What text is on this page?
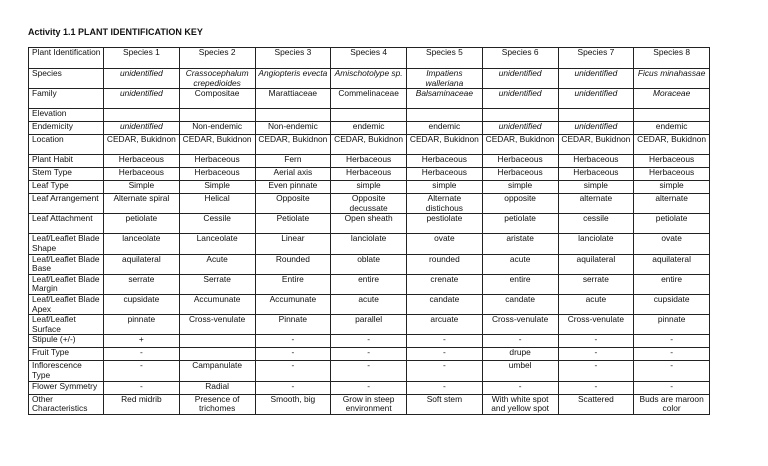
Activity 1.1 PLANT IDENTIFICATION KEY
Plant Identification	Species 1	Species 2	Species 3	Species 4	Species 5	Species 6	Species 7	Species 8
Species	unidentified	Crassocephalum crepedioides	Angiopteris evecta	Amischotolype sp.	Impatiens walleriana	unidentified	unidentified	Ficus minahassae
Family	unidentified	Compositae	Marattiaceae	Commelinaceae	Balsaminaceae	unidentified	unidentified	Moraceae
Elevation								
Endemicity	unidentified	Non-endemic	Non-endemic	endemic	endemic	unidentified	unidentified	endemic
Location	CEDAR, Bukidnon	CEDAR, Bukidnon	CEDAR, Bukidnon	CEDAR, Bukidnon	CEDAR, Bukidnon	CEDAR, Bukidnon	CEDAR, Bukidnon	CEDAR, Bukidnon
Plant Habit	Herbaceous	Herbaceous	Fern	Herbaceous	Herbaceous	Herbaceous	Herbaceous	Herbaceous
Stem Type	Herbaceous	Herbaceous	Aerial axis	Herbaceous	Herbaceous	Herbaceous	Herbaceous	Herbaceous
Leaf Type	Simple	Simple	Even pinnate	simple	simple	simple	simple	simple
Leaf Arrangement	Alternate spiral	Helical	Opposite	Opposite decussate	Alternate distichous	opposite	alternate	alternate
Leaf Attachment	petiolate	Cessile	Petiolate	Open sheath	pestiolate	petiolate	cessile	petiolate
Leaf/Leaflet Blade Shape	lanceolate	Lanceolate	Linear	lanciolate	ovate	aristate	lanciolate	ovate
Leaf/Leaflet Blade Base	aquilateral	Acute	Rounded	oblate	rounded	acute	aquilateral	aquilateral
Leaf/Leaflet Blade Margin	serrate	Serrate	Entire	entire	crenate	entire	serrate	entire
Leaf/Leaflet Blade Apex	cupsidate	Accumunate	Accumunate	acute	candate	candate	acute	cupsidate
Leaf/Leaflet Surface	pinnate	Cross-venulate	Pinnate	parallel	arcuate	Cross-venulate	Cross-venulate	pinnate
Stipule (+/-)	+		-	-	-	-	-	-
Fruit Type	-		-	-	-	drupe	-	-
Inflorescence Type	-	Campanulate	-	-	-	umbel	-	-
Flower Symmetry	-	Radial	-	-	-	-	-	-
Other Characteristics	Red midrib	Presence of trichomes	Smooth, big	Grow in steep environment	Soft stem	With white spot and yellow spot	Scattered	Buds are maroon color
